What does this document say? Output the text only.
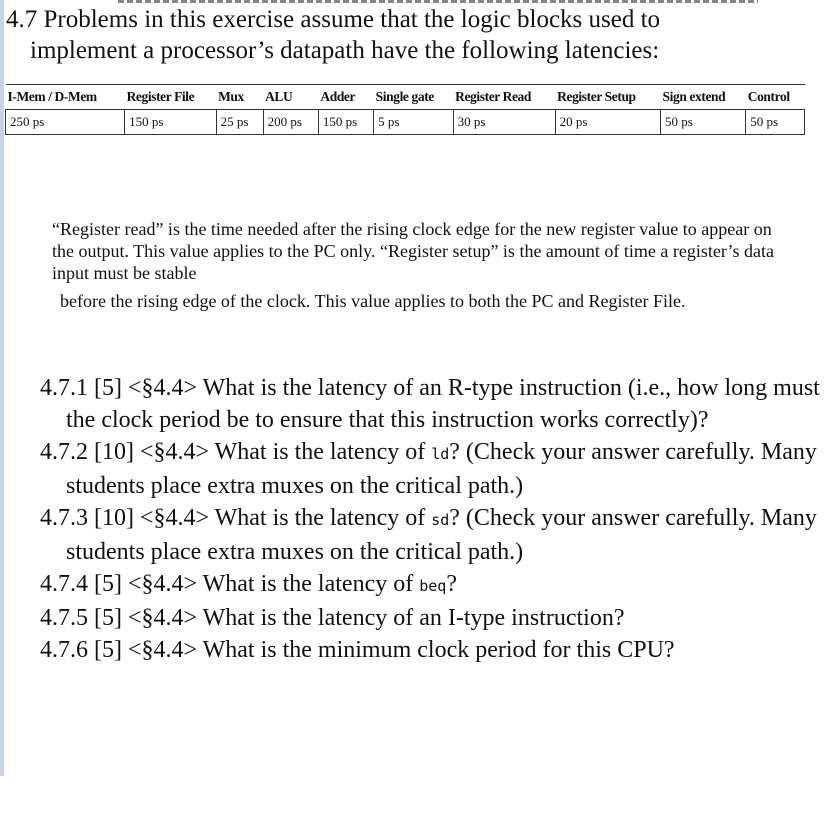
4.7 Problems in this exercise assume that the logic blocks used to
implement a processor’s datapath have the following latencies:
I-Mem / D-Mem	Register File	Mux	ALU	Adder	Single gate	Register Read	Register Setup	Sign extend	Control
250 ps	150 ps	25 ps	200 ps	150 ps	5 ps	30 ps	20 ps	50 ps	50 ps

“Register read” is the time needed after the rising clock edge for the new register value to appear on the output. This value applies to the PC only. “Register setup” is the amount of time a register’s data input must be stable

before the rising edge of the clock. This value applies to both the PC and Register File.

4.7.1 [5] <§4.4> What is the latency of an R-type instruction (i.e., how long must the clock period be to ensure that this instruction works correctly)?

4.7.2 [10] <§4.4> What is the latency of ld? (Check your answer carefully. Many students place extra muxes on the critical path.)

4.7.3 [10] <§4.4> What is the latency of sd? (Check your answer carefully. Many students place extra muxes on the critical path.)

4.7.4 [5] <§4.4> What is the latency of beq?

4.7.5 [5] <§4.4> What is the latency of an I-type instruction?

4.7.6 [5] <§4.4> What is the minimum clock period for this CPU?
